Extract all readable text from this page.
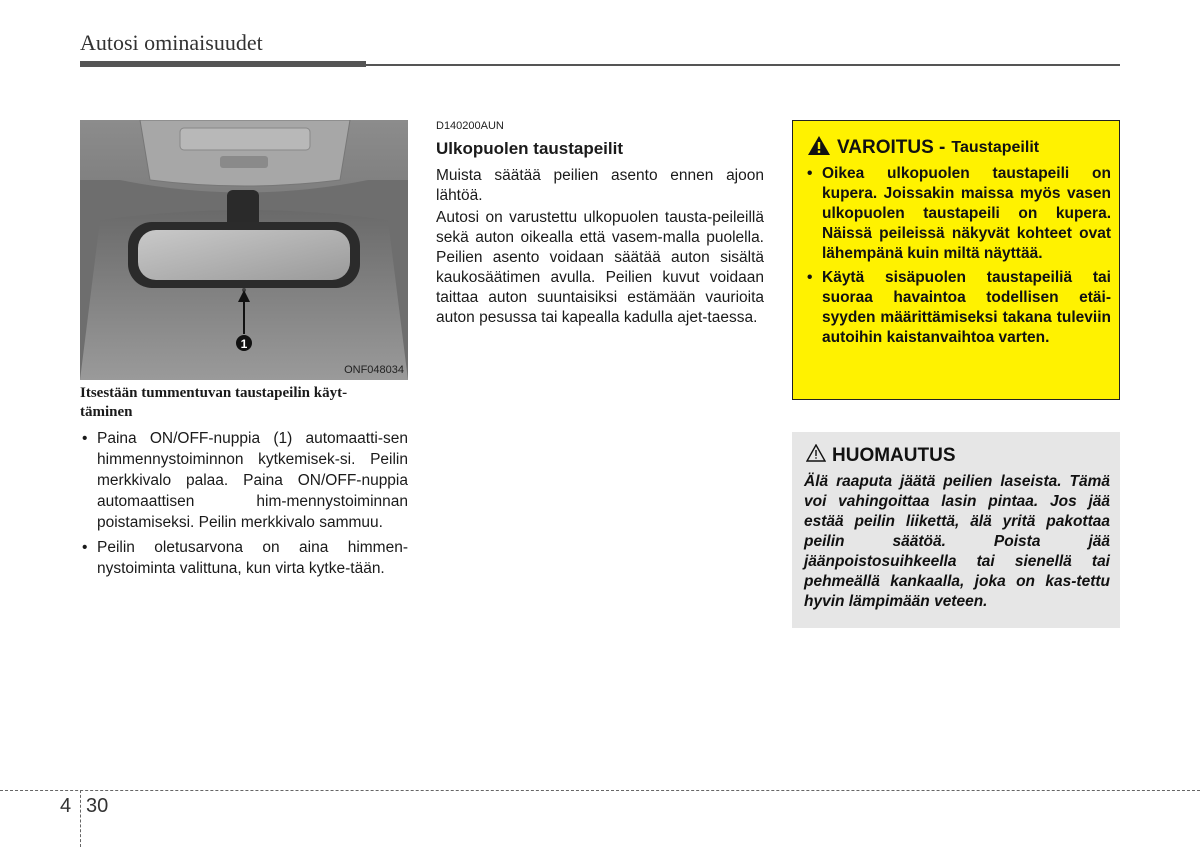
Autosi ominaisuudet
1
ONF048034
Itsestään tummentuvan taustapeilin käyt-
täminen
• Paina ON/OFF-nuppia (1) automaatti-sen himmennystoiminnon kytkemisek-si. Peilin merkkivalo palaa. Paina ON/OFF-nuppia automaattisen him-mennystoiminnan poistamiseksi. Peilin merkkivalo sammuu.
• Peilin oletusarvona on aina himmen-nystoiminta valittuna, kun virta kytke-tään.
D140200AUN
Ulkopuolen taustapeilit

Muista säätää peilien asento ennen ajoon lähtöä.

Autosi on varustettu ulkopuolen tausta-peileillä sekä auton oikealla että vasem-malla puolella. Peilien asento voidaan säätää auton sisältä kaukosäätimen avulla. Peilien kuvut voidaan taittaa auton suuntaisiksi estämään vaurioita auton pesussa tai kapealla kadulla ajet-taessa.

VAROITUS - Taustapeilit
• Oikea ulkopuolen taustapeili on kupera. Joissakin maissa myös vasen ulkopuolen taustapeili on kupera. Näissä peileissä näkyvät kohteet ovat lähempänä kuin miltä näyttää.
• Käytä sisäpuolen taustapeiliä tai suoraa havaintoa todellisen etäi-syyden määrittämiseksi takana tuleviin autoihin kaistanvaihtoa varten.
HUOMAUTUS

Älä raaputa jäätä peilien laseista. Tämä voi vahingoittaa lasin pintaa. Jos jää estää peilin liikettä, älä yritä pakottaa peilin säätöä. Poista jää jäänpoistosuihkeella tai sienellä tai pehmeällä kankaalla, joka on kas-tettu hyvin lämpimään veteen.

4 30
